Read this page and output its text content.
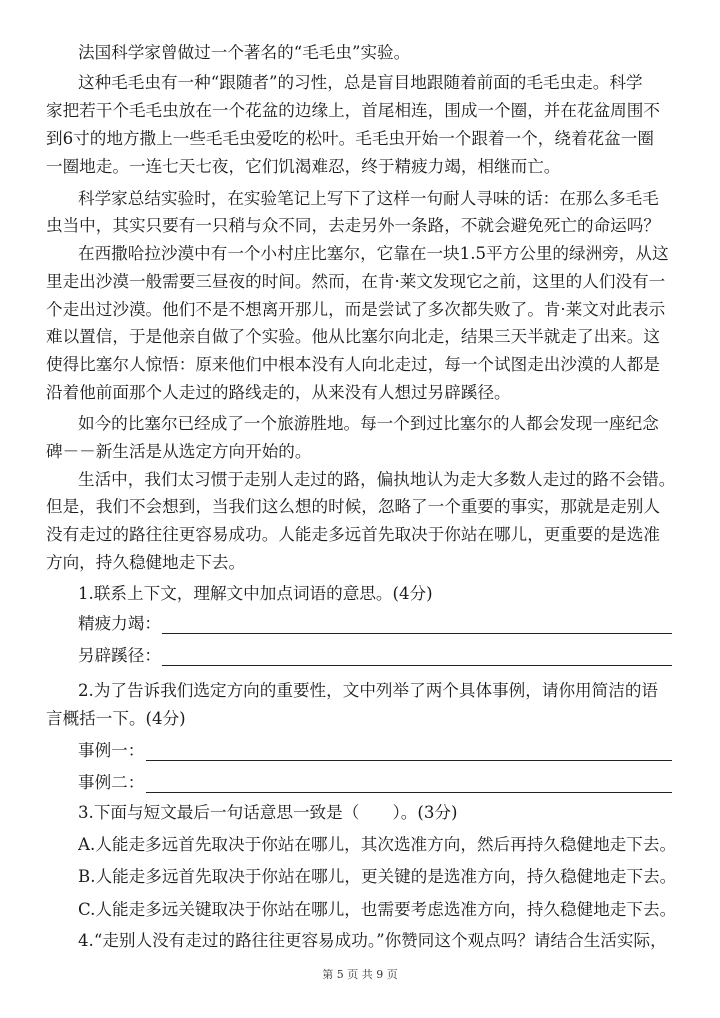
法国科学家曾做过一个著名的“毛毛虫”实验。
这种毛毛虫有一种“跟随者”的习性，总是盲目地跟随着前面的毛毛虫走。科学
家把若干个毛毛虫放在一个花盆的边缘上，首尾相连，围成一个圈，并在花盆周围不
到6寸的地方撒上一些毛毛虫爱吃的松叶。毛毛虫开始一个跟着一个，绕着花盆一圈
一圈地走。一连七天七夜，它们饥渴难忍，终于精疲力竭，相继而亡。
科学家总结实验时，在实验笔记上写下了这样一句耐人寻味的话：在那么多毛毛
虫当中，其实只要有一只稍与众不同，去走另外一条路，不就会避免死亡的命运吗？
在西撒哈拉沙漠中有一个小村庄比塞尔，它靠在一块1.5平方公里的绿洲旁，从这
里走出沙漠一般需要三昼夜的时间。然而，在肯·莱文发现它之前，这里的人们没有一
个走出过沙漠。他们不是不想离开那儿，而是尝试了多次都失败了。肯·莱文对此表示
难以置信，于是他亲自做了个实验。他从比塞尔向北走，结果三天半就走了出来。这
使得比塞尔人惊悟：原来他们中根本没有人向北走过，每一个试图走出沙漠的人都是
沿着他前面那个人走过的路线走的，从来没有人想过另辟蹊径。
如今的比塞尔已经成了一个旅游胜地。每一个到过比塞尔的人都会发现一座纪念
碑－－新生活是从选定方向开始的。
生活中，我们太习惯于走别人走过的路，偏执地认为走大多数人走过的路不会错。
但是，我们不会想到，当我们这么想的时候，忽略了一个重要的事实，那就是走别人
没有走过的路往往更容易成功。人能走多远首先取决于你站在哪儿，更重要的是选准
方向，持久稳健地走下去。
1.联系上下文，理解文中加点词语的意思。(4分)
精疲力竭：
另辟蹊径：
2.为了告诉我们选定方向的重要性，文中列举了两个具体事例，请你用简洁的语
言概括一下。(4分)
事例一：
事例二：
3.下面与短文最后一句话意思一致是（　　）。(3分)
A.人能走多远首先取决于你站在哪儿，其次选准方向，然后再持久稳健地走下去。
B.人能走多远首先取决于你站在哪儿，更关键的是选准方向，持久稳健地走下去。
C.人能走多远关键取决于你站在哪儿，也需要考虑选准方向，持久稳健地走下去。
4.“走别人没有走过的路往往更容易成功。”你赞同这个观点吗？请结合生活实际，
第 5 页 共 9 页
